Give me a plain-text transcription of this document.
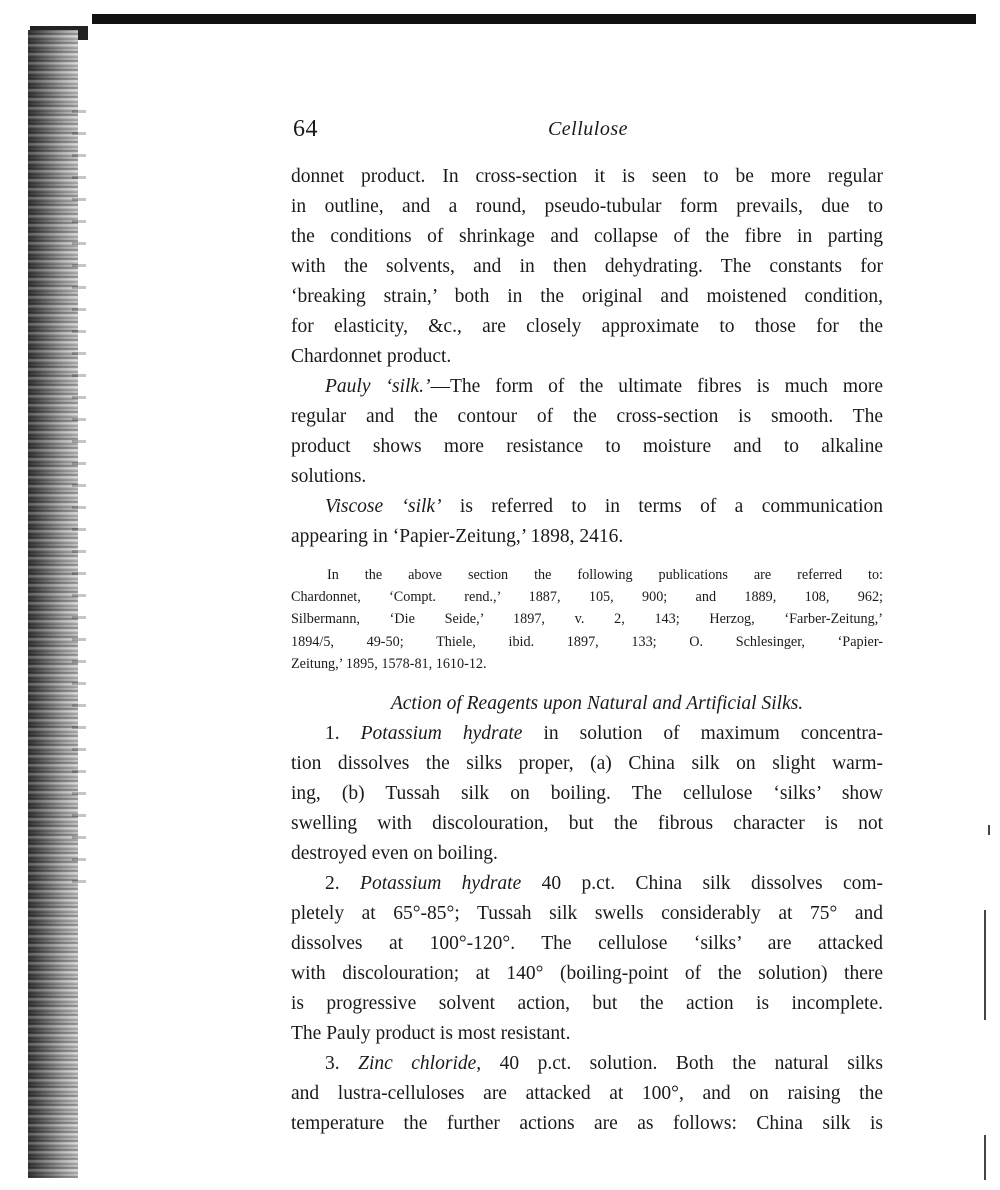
64	Cellulose
donnet product. In cross-section it is seen to be more regular
in outline, and a round, pseudo-tubular form prevails, due to
the conditions of shrinkage and collapse of the fibre in parting
with the solvents, and in then dehydrating. The constants for
‘breaking strain,’ both in the original and moistened condition,
for elasticity, &c., are closely approximate to those for the
Chardonnet product.
Pauly ‘silk.’—The form of the ultimate fibres is much more
regular and the contour of the cross-section is smooth. The
product shows more resistance to moisture and to alkaline
solutions.
Viscose ‘silk’ is referred to in terms of a communication
appearing in ‘Papier-Zeitung,’ 1898, 2416.
In the above section the following publications are referred to:
Chardonnet, ‘Compt. rend.,’ 1887, 105, 900; and 1889, 108, 962;
Silbermann, ‘Die Seide,’ 1897, v. 2, 143; Herzog, ‘Farber-Zeitung,’
1894/5, 49-50; Thiele, ibid. 1897, 133; O. Schlesinger, ‘Papier-
Zeitung,’ 1895, 1578-81, 1610-12.
Action of Reagents upon Natural and Artificial Silks.
1. Potassium hydrate in solution of maximum concentra-
tion dissolves the silks proper, (a) China silk on slight warm-
ing, (b) Tussah silk on boiling. The cellulose ‘silks’ show
swelling with discolouration, but the fibrous character is not
destroyed even on boiling.
2. Potassium hydrate 40 p.ct. China silk dissolves com-
pletely at 65°-85°; Tussah silk swells considerably at 75° and
dissolves at 100°-120°. The cellulose ‘silks’ are attacked
with discolouration; at 140° (boiling-point of the solution) there
is progressive solvent action, but the action is incomplete.
The Pauly product is most resistant.
3. Zinc chloride, 40 p.ct. solution. Both the natural silks
and lustra-celluloses are attacked at 100°, and on raising the
temperature the further actions are as follows: China silk is
